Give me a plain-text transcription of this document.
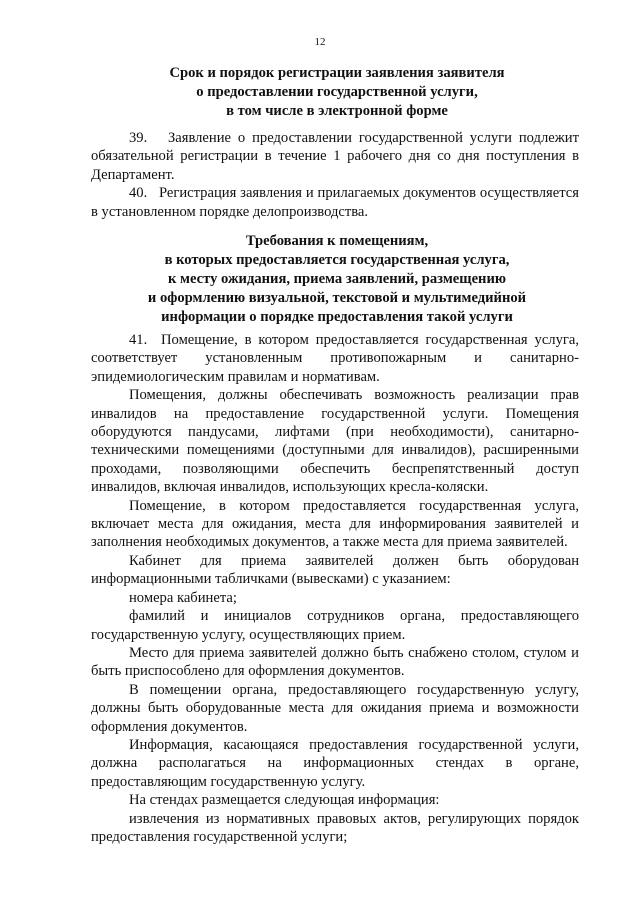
12
Срок и порядок регистрации заявления заявителя
о предоставлении государственной услуги,
в том числе в электронной форме

39.   Заявление о предоставлении государственной услуги подлежит обязательной регистрации в течение 1 рабочего дня со дня поступления в Департамент.

40.   Регистрация заявления и прилагаемых документов осуществляется в установленном порядке делопроизводства.

Требования к помещениям,
в которых предоставляется государственная услуга,
к месту ожидания, приема заявлений, размещению
и оформлению визуальной, текстовой и мультимедийной
информации о порядке предоставления такой услуги

41.  Помещение, в котором предоставляется государственная услуга, соответствует установленным противопожарным и санитарно-эпидемиологическим правилам и нормативам.

Помещения, должны обеспечивать возможность реализации прав инвалидов на предоставление государственной услуги. Помещения оборудуются пандусами, лифтами (при необходимости), санитарно-техническими помещениями (доступными для инвалидов), расширенными проходами, позволяющими обеспечить беспрепятственный доступ инвалидов, включая инвалидов, использующих кресла-коляски.

Помещение, в котором предоставляется государственная услуга, включает места для ожидания, места для информирования заявителей и заполнения необходимых документов, а также места для приема заявителей.

Кабинет для приема заявителей должен быть оборудован информационными табличками (вывесками) с указанием:

номера кабинета;

фамилий и инициалов сотрудников органа, предоставляющего государственную услугу, осуществляющих прием.

Место для приема заявителей должно быть снабжено столом, стулом и быть приспособлено для оформления документов.

В помещении органа, предоставляющего государственную услугу, должны быть оборудованные места для ожидания приема и возможности оформления документов.

Информация, касающаяся предоставления государственной услуги, должна располагаться на информационных стендах в органе, предоставляющим государственную услугу.

На стендах размещается следующая информация:

извлечения из нормативных правовых актов, регулирующих порядок предоставления государственной услуги;
